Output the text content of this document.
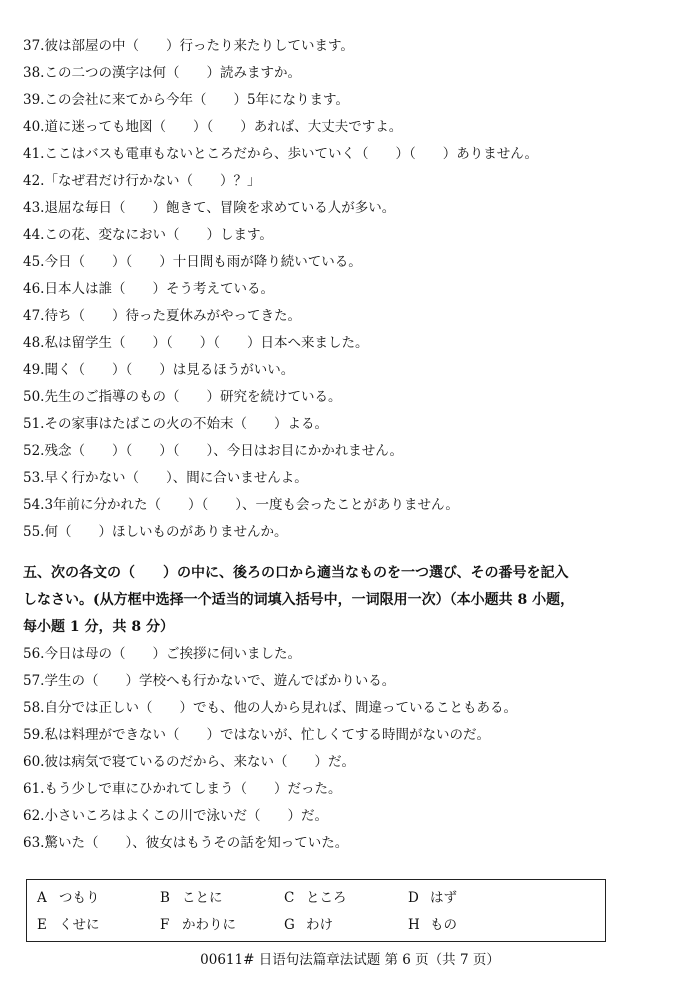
37.彼は部屋の中（　　）行ったり来たりしています。
38.この二つの漢字は何（　　）読みますか。
39.この会社に来てから今年（　　）5年になります。
40.道に迷っても地図（　　）（　　）あれば、大丈夫ですよ。
41.ここはバスも電車もないところだから、歩いていく（　　）（　　）ありません。
42.「なぜ君だけ行かない（　　）？」
43.退屈な毎日（　　）飽きて、冒険を求めている人が多い。
44.この花、変なにおい（　　）します。
45.今日（　　）（　　）十日間も雨が降り続いている。
46.日本人は誰（　　）そう考えている。
47.待ち（　　）待った夏休みがやってきた。
48.私は留学生（　　）（　　）（　　）日本へ来ました。
49.聞く（　　）（　　）は見るほうがいい。
50.先生のご指導のもの（　　）研究を続けている。
51.その家事はたばこの火の不始末（　　）よる。
52.残念（　　）（　　）（　　）、今日はお目にかかれません。
53.早く行かない（　　）、間に合いませんよ。
54.3年前に分かれた（　　）（　　）、一度も会ったことがありません。
55.何（　　）ほしいものがありませんか。
五、次の各文の（　　）の中に、後ろの口から適当なものを一つ選び、その番号を記入
しなさい。(从方框中选择一个适当的词填入括号中，一词限用一次）（本小题共 8 小题，
每小题 1 分，共 8 分）
56.今日は母の（　　）ご挨拶に伺いました。
57.学生の（　　）学校へも行かないで、遊んでばかりいる。
58.自分では正しい（　　）でも、他の人から見れば、間違っていることもある。
59.私は料理ができない（　　）ではないが、忙しくてする時間がないのだ。
60.彼は病気で寝ているのだから、来ない（　　）だ。
61.もう少しで車にひかれてしまう（　　）だった。
62.小さいころはよくこの川で泳いだ（　　）だ。
63.驚いた（　　）、彼女はもうその話を知っていた。
A つもり	B ことに	C ところ	D はず
E くせに	F かわりに	G わけ	H もの
00611# 日语句法篇章法试题 第 6 页（共 7 页）
